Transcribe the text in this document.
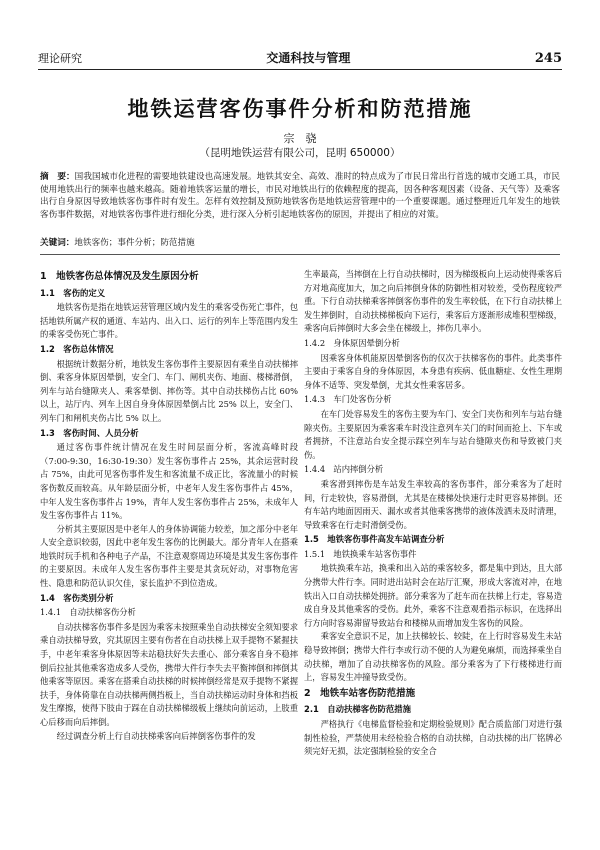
理论研究	交通科技与管理	245
地铁运营客伤事件分析和防范措施
宗　骁
（昆明地铁运营有限公司，昆明 650000）
摘　要：国我国城市化进程的需要地铁建设也高速发展。地铁其安全、高效、准时的特点成为了市民日常出行首选的城市交通工具，市民使用地铁出行的频率也越来越高。随着地铁客运量的增长，市民对地铁出行的依赖程度的提高，因各种客观因素（设备、天气等）及乘客出行自身原因导致地铁客伤事件时有发生。怎样有效控制及预防地铁客伤是地铁运营管理中的一个重要课题。通过整理近几年发生的地铁客伤事件数据，对地铁客伤事件进行细化分类，进行深入分析引起地铁客伤的原因，并提出了相应的对策。
关键词：地铁客伤；事件分析；防范措施
1　地铁客伤总体情况及发生原因分析
1.1　客伤的定义

地铁客伤是指在地铁运营管理区域内发生的乘客受伤死亡事件，包括地铁所属产权的通道、车站内、出入口、运行的列车上等范围内发生的乘客受伤死亡事件。

1.2　客伤总体情况

根据统计数据分析，地铁发生客伤事件主要原因有乘坐自动扶梯摔倒、乘客身体原因晕倒，安全门、车门、闸机夹伤、地面、楼梯滑倒，列车与站台缝隙夹人、乘客晕倒、摔伤等。其中自动扶梯伤占比 60% 以上，站厅内、列车上因自身身体原因晕倒占比 25% 以上，安全门、列车门和闸机夹伤占比 5% 以上。

1.3　客伤时间、人员分析

通过客伤事件统计情况在发生时间层面分析，客流高峰时段（7:00-9:30，16:30-19:30）发生客伤事件占 25%，其余运营时段占 75%，由此可见客伤事件发生和客流量不成正比，客流量小的时候客伤数反而较高。从年龄层面分析，中老年人发生客伤事件占 45%，中年人发生客伤事件占 19%，青年人发生客伤事件占 25%，未成年人发生客伤事件占 11%。

分析其主要原因是中老年人的身体协调能力较差，加之部分中老年人安全意识较弱，因此中老年发生客伤的比例最大。部分青年人在搭乘地铁时玩手机和各种电子产品，不注意观察周边环境是其发生客伤事件的主要原因。未成年人发生客伤事件主要是其贪玩好动，对事物危害性、隐患和防范认识欠佳，家长监护不到位造成。

1.4　客伤类别分析
1.4.1　自动扶梯客伤分析

自动扶梯客伤事件多是因为乘客未按照乘坐自动扶梯安全须知要求乘自动扶梯导致，究其原因主要有伤者在自动扶梯上双手提物不紧握扶手，中老年乘客身体原因等未站稳扶好失去重心、部分乘客自身不稳摔倒后拉扯其他乘客造成多人受伤，携带大件行李失去平衡摔倒和摔倒其他乘客等原因。乘客在搭乘自动扶梯的时候摔倒经常是双手提物不紧握扶手，身体倚靠在自动扶梯两侧挡板上，当自动扶梯运动时身体和挡板发生摩擦，使得下肢由于踩在自动扶梯梯级板上继续向前运动，上肢重心后移而向后摔倒。

经过调查分析上行自动扶梯乘客向后摔倒客伤事件的发

生率最高，当摔倒在上行自动扶梯时，因为梯级板向上运动使得乘客后方对地高度加大，加之向后摔倒身体的防御性相对较差，受伤程度较严重。下行自动扶梯乘客摔倒客伤事件的发生率较低，在下行自动扶梯上发生摔倒时，自动扶梯梯板向下运行，乘客后方逐渐形成堆积型梯级，乘客向后摔倒时大多会坐在梯级上，摔伤几率小。

1.4.2　身体原因晕倒分析

因乘客身体机能原因晕倒客伤的仅次于扶梯客伤的事件。此类事件主要由于乘客自身的身体原因，本身患有疾病、低血糖症、女性生理期身体不适等、突发晕倒，尤其女性乘客居多。

1.4.3　车门处客伤分析

在车门处容易发生的客伤主要为车门、安全门夹伤和列车与站台缝隙夹伤。主要原因为乘客乘车时没注意列车关门的时间而抢上、下车或者拥挤，不注意站台安全提示踩空列车与站台缝隙夹伤和导致被门夹伤。

1.4.4　站内摔倒分析

乘客滑到摔伤是车站发生率较高的客伤事件，部分乘客为了赶时间，行走较快，容易滑倒，尤其是在楼梯处快速行走时更容易摔倒。还有车站内地面因雨天、漏水或者其他乘客携带的液体泼洒未及时清理，导致乘客在行走时滑倒受伤。

1.5　地铁客伤事件高发车站调查分析
1.5.1　地铁换乘车站客伤事件

地铁换乘车站，换乘和出入站的乘客较多，都是集中到达，且大部分携带大件行李。同时进出站时会在站厅汇聚，形成大客流对冲，在地铁出入口自动扶梯处拥挤。部分乘客为了赶车而在扶梯上行走，容易造成自身及其他乘客的受伤。此外，乘客不注意观看指示标识，在选择出行方向时容易滞留导致站台和楼梯从而增加发生客伤的风险。

乘客安全意识不足，加上扶梯较长、较陡，在上行时容易发生未站稳导致摔倒；携带大件行李或行动不便的人为避免麻烦，而选择乘坐自动扶梯，增加了自动扶梯客伤的风险。部分乘客为了下行楼梯进行而上，容易发生冲撞导致受伤。

2　地铁车站客伤防范措施
2.1　自动扶梯客伤防范措施

严格执行《电梯监督检验和定期检验规则》配合质监部门对进行强制性检验，严禁使用未经检验合格的自动扶梯，自动扶梯的出厂铭牌必须完好无损，法定强制检验的安全合
